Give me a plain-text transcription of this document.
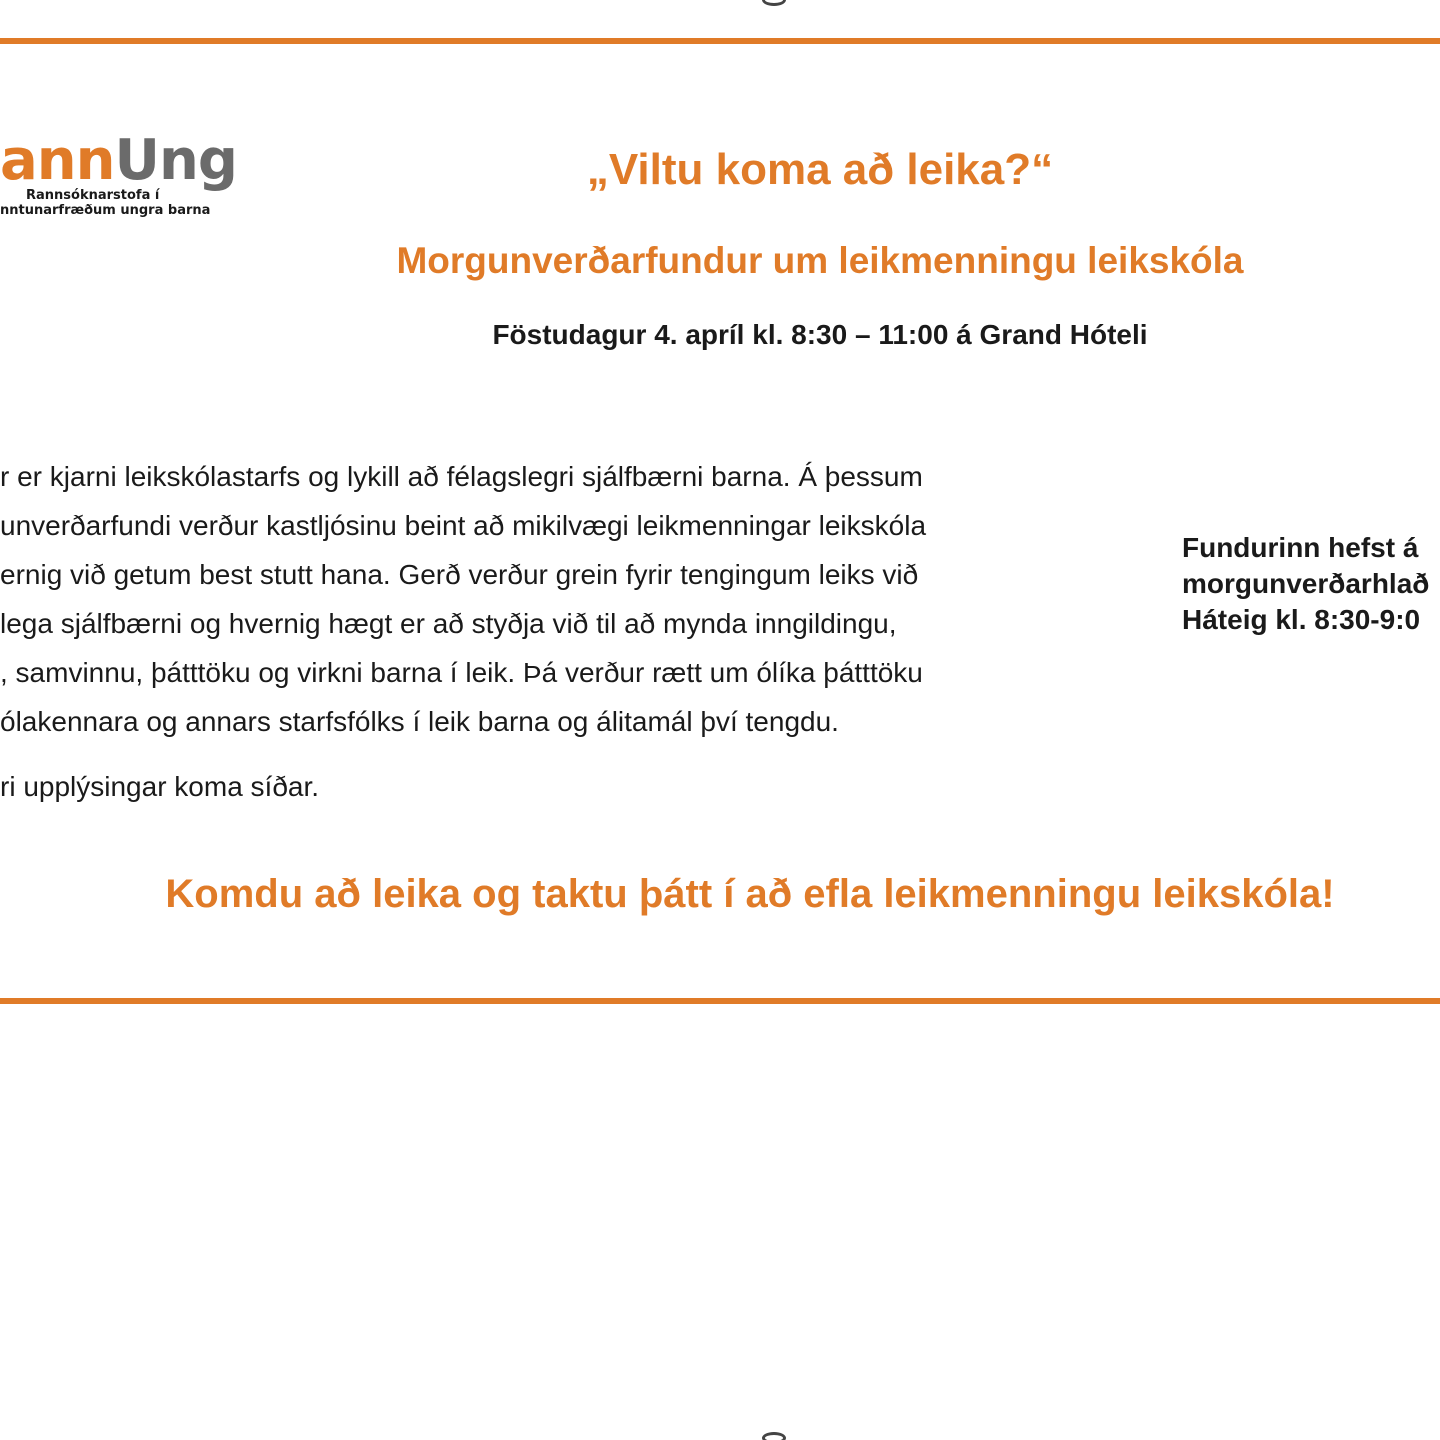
annUng
Rannsóknarstofa í
nntunarfræðum ungra barna
„Viltu koma að leika?“
Morgunverðarfundur um leikmenningu leikskóla
Föstudagur 4. apríl kl. 8:30 – 11:00 á Grand Hóteli
r er kjarni leikskólastarfs og lykill að félagslegri sjálfbærni barna. Á þessum
unverðarfundi verður kastljósinu beint að mikilvægi leikmenningar leikskóla
ernig við getum best stutt hana. Gerð verður grein fyrir tengingum leiks við
lega sjálfbærni og hvernig hægt er að styðja við til að mynda inngildingu,
, samvinnu, þátttöku og virkni barna í leik. Þá verður rætt um ólíka þátttöku
ólakennara og annars starfsfólks í leik barna og álitamál því tengdu.
ri upplýsingar koma síðar.
Fundurinn hefst á
morgunverðarhlað
Háteig kl. 8:30-9:0
Komdu að leika og taktu þátt í að efla leikmenningu leikskóla!
